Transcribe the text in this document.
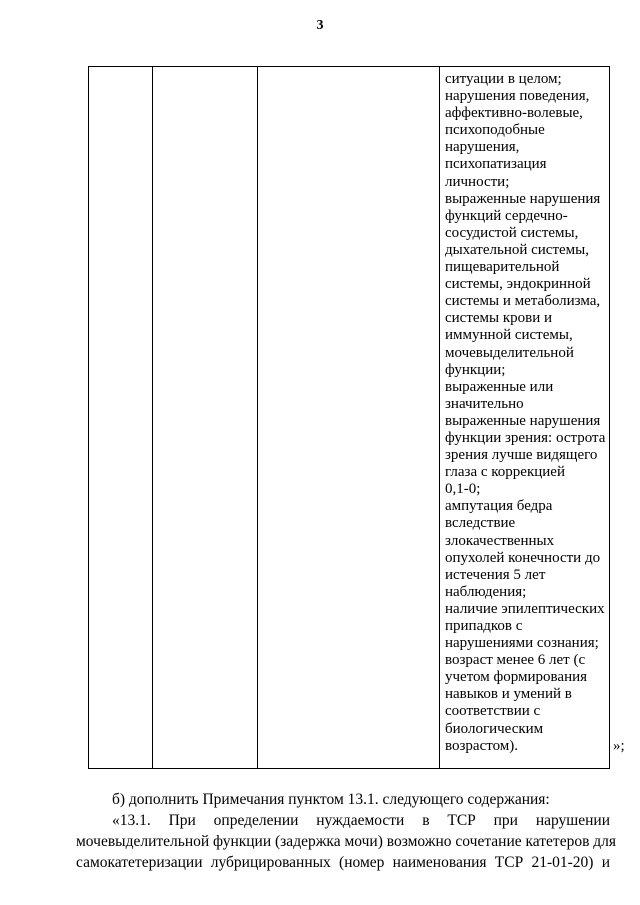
3

ситуации в целом;
нарушения поведения,
аффективно-волевые,
психоподобные
нарушения,
психопатизация
личности;
выраженные нарушения
функций сердечно-
сосудистой системы,
дыхательной системы,
пищеварительной
системы, эндокринной
системы и метаболизма,
системы крови и
иммунной системы,
мочевыделительной
функции;
выраженные или
значительно
выраженные нарушения
функции зрения: острота
зрения лучше видящего
глаза с коррекцией
0,1-0;
ампутация бедра
вследствие
злокачественных
опухолей конечности до
истечения 5 лет
наблюдения;
наличие эпилептических
припадков с
нарушениями сознания;
возраст менее 6 лет (с
учетом формирования
навыков и умений в
соответствии с
биологическим
возрастом).	»;
б) дополнить Примечания пунктом 13.1. следующего содержания:
«13.1. При определении нуждаемости в ТСР при нарушении
мочевыделительной функции (задержка мочи) возможно сочетание катетеров для
самокатетеризации лубрицированных (номер наименования ТСР 21-01-20) и
